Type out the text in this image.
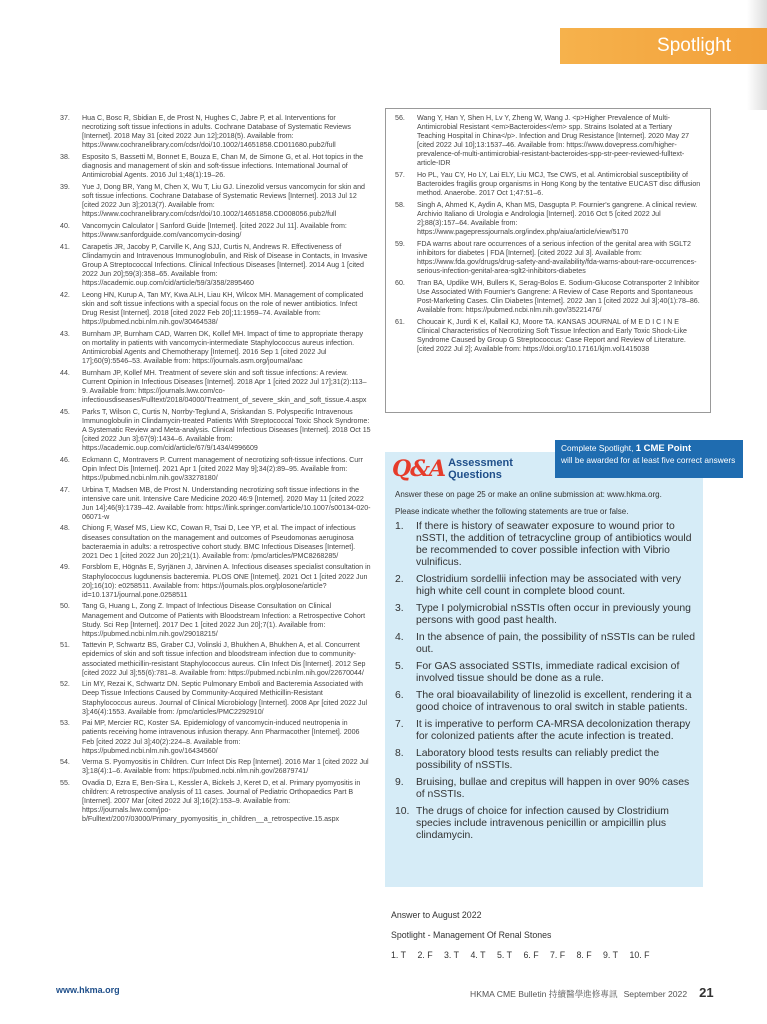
Spotlight
37.	Hua C, Bosc R, Sbidian E, de Prost N, Hughes C, Jabre P, et al. Interventions for necrotizing soft tissue infections in adults. Cochrane Database of Systematic Reviews [Internet]. 2018 May 31 [cited 2022 Jun 12];2018(5). Available from: https://www.cochranelibrary.com/cdsr/doi/10.1002/14651858.CD011680.pub2/full
38.	Esposito S, Bassetti M, Bonnet E, Bouza E, Chan M, de Simone G, et al. Hot topics in the diagnosis and management of skin and soft-tissue infections. International Journal of Antimicrobial Agents. 2016 Jul 1;48(1):19–26.
39.	Yue J, Dong BR, Yang M, Chen X, Wu T, Liu GJ. Linezolid versus vancomycin for skin and soft tissue infections. Cochrane Database of Systematic Reviews [Internet]. 2013 Jul 12 [cited 2022 Jun 3];2013(7). Available from: https://www.cochranelibrary.com/cdsr/doi/10.1002/14651858.CD008056.pub2/full
40.	Vancomycin Calculator | Sanford Guide [Internet]. [cited 2022 Jul 11]. Available from: https://www.sanfordguide.com/vancomycin-dosing/
41.	Carapetis JR, Jacoby P, Carville K, Ang SJJ, Curtis N, Andrews R. Effectiveness of Clindamycin and Intravenous Immunoglobulin, and Risk of Disease in Contacts, in Invasive Group A Streptococcal Infections. Clinical Infectious Diseases [Internet]. 2014 Aug 1 [cited 2022 Jun 20];59(3):358–65. Available from: https://academic.oup.com/cid/article/59/3/358/2895460
42.	Leong HN, Kurup A, Tan MY, Kwa ALH, Liau KH, Wilcox MH. Management of complicated skin and soft tissue infections with a special focus on the role of newer antibiotics. Infect Drug Resist [Internet]. 2018 [cited 2022 Feb 20];11:1959–74. Available from: https://pubmed.ncbi.nlm.nih.gov/30464538/
43.	Burnham JP, Burnham CAD, Warren DK, Kollef MH. Impact of time to appropriate therapy on mortality in patients with vancomycin-intermediate Staphylococcus aureus infection. Antimicrobial Agents and Chemotherapy [Internet]. 2016 Sep 1 [cited 2022 Jul 17];60(9):5546–53. Available from: https://journals.asm.org/journal/aac
44.	Burnham JP, Kollef MH. Treatment of severe skin and soft tissue infections: A review. Current Opinion in Infectious Diseases [Internet]. 2018 Apr 1 [cited 2022 Jul 17];31(2):113–9. Available from: https://journals.lww.com/co-infectiousdiseases/Fulltext/2018/04000/Treatment_of_severe_skin_and_soft_tissue.4.aspx
45.	Parks T, Wilson C, Curtis N, Norrby-Teglund A, Sriskandan S. Polyspecific Intravenous Immunoglobulin in Clindamycin-treated Patients With Streptococcal Toxic Shock Syndrome: A Systematic Review and Meta-analysis. Clinical Infectious Diseases [Internet]. 2018 Oct 15 [cited 2022 Jun 3];67(9):1434–6. Available from: https://academic.oup.com/cid/article/67/9/1434/4996609
46.	Eckmann C, Montravers P. Current management of necrotizing soft-tissue infections. Curr Opin Infect Dis [Internet]. 2021 Apr 1 [cited 2022 May 9];34(2):89–95. Available from: https://pubmed.ncbi.nlm.nih.gov/33278180/
47.	Urbina T, Madsen MB, de Prost N. Understanding necrotizing soft tissue infections in the intensive care unit. Intensive Care Medicine 2020 46:9 [Internet]. 2020 May 11 [cited 2022 Jun 14];46(9):1739–42. Available from: https://link.springer.com/article/10.1007/s00134-020-06071-w
48.	Chiong F, Wasef MS, Liew KC, Cowan R, Tsai D, Lee YP, et al. The impact of infectious diseases consultation on the management and outcomes of Pseudomonas aeruginosa bacteraemia in adults: a retrospective cohort study. BMC Infectious Diseases [Internet]. 2021 Dec 1 [cited 2022 Jun 20];21(1). Available from: /pmc/articles/PMC8268285/
49.	Forsblom E, Högnäs E, Syrjänen J, Järvinen A. Infectious diseases specialist consultation in Staphylococcus lugdunensis bacteremia. PLOS ONE [Internet]. 2021 Oct 1 [cited 2022 Jun 20];16(10): e0258511. Available from: https://journals.plos.org/plosone/article?id=10.1371/journal.pone.0258511
50.	Tang G, Huang L, Zong Z. Impact of Infectious Disease Consultation on Clinical Management and Outcome of Patients with Bloodstream Infection: a Retrospective Cohort Study. Sci Rep [Internet]. 2017 Dec 1 [cited 2022 Jun 20];7(1). Available from: https://pubmed.ncbi.nlm.nih.gov/29018215/
51.	Tattevin P, Schwartz BS, Graber CJ, Volinski J, Bhukhen A, Bhukhen A, et al. Concurrent epidemics of skin and soft tissue infection and bloodstream infection due to community-associated methicillin-resistant Staphylococcus aureus. Clin Infect Dis [Internet]. 2012 Sep [cited 2022 Jul 3];55(6):781–8. Available from: https://pubmed.ncbi.nlm.nih.gov/22670044/
52.	Lin MY, Rezai K, Schwartz DN. Septic Pulmonary Emboli and Bacteremia Associated with Deep Tissue Infections Caused by Community-Acquired Methicillin-Resistant Staphylococcus aureus. Journal of Clinical Microbiology [Internet]. 2008 Apr [cited 2022 Jul 3];46(4):1553. Available from: /pmc/articles/PMC2292910/
53.	Pai MP, Mercier RC, Koster SA. Epidemiology of vancomycin-induced neutropenia in patients receiving home intravenous infusion therapy. Ann Pharmacother [Internet]. 2006 Feb [cited 2022 Jul 3];40(2):224–8. Available from: https://pubmed.ncbi.nlm.nih.gov/16434560/
54.	Verma S. Pyomyositis in Children. Curr Infect Dis Rep [Internet]. 2016 Mar 1 [cited 2022 Jul 3];18(4):1–6. Available from: https://pubmed.ncbi.nlm.nih.gov/26879741/
55.	Ovadia D, Ezra E, Ben-Sira L, Kessler A, Bickels J, Keret D, et al. Primary pyomyositis in children: A retrospective analysis of 11 cases. Journal of Pediatric Orthopaedics Part B [Internet]. 2007 Mar [cited 2022 Jul 3];16(2):153–9. Available from: https://journals.lww.com/jpo-b/Fulltext/2007/03000/Primary_pyomyositis_in_children__a_retrospective.15.aspx
56.	Wang Y, Han Y, Shen H, Lv Y, Zheng W, Wang J. <p>Higher Prevalence of Multi-Antimicrobial Resistant <em>Bacteroides</em> spp. Strains Isolated at a Tertiary Teaching Hospital in China</p>. Infection and Drug Resistance [Internet]. 2020 May 27 [cited 2022 Jul 10];13:1537–46. Available from: https://www.dovepress.com/higher-prevalence-of-multi-antimicrobial-resistant-bacteroides-spp-str-peer-reviewed-fulltext-article-IDR
57.	Ho PL, Yau CY, Ho LY, Lai ELY, Liu MCJ, Tse CWS, et al. Antimicrobial susceptibility of Bacteroides fragilis group organisms in Hong Kong by the tentative EUCAST disc diffusion method. Anaerobe. 2017 Oct 1;47:51–6.
58.	Singh A, Ahmed K, Aydin A, Khan MS, Dasgupta P. Fournier's gangrene. A clinical review. Archivio Italiano di Urologia e Andrologia [Internet]. 2016 Oct 5 [cited 2022 Jul 2];88(3):157–64. Available from: https://www.pagepressjournals.org/index.php/aiua/article/view/5170
59.	FDA warns about rare occurrences of a serious infection of the genital area with SGLT2 inhibitors for diabetes | FDA [Internet]. [cited 2022 Jul 3]. Available from: https://www.fda.gov/drugs/drug-safety-and-availability/fda-warns-about-rare-occurrences-serious-infection-genital-area-sglt2-inhibitors-diabetes
60.	Tran BA, Updike WH, Bullers K, Serag-Bolos E. Sodium-Glucose Cotransporter 2 Inhibitor Use Associated With Fournier's Gangrene: A Review of Case Reports and Spontaneous Post-Marketing Cases. Clin Diabetes [Internet]. 2022 Jan 1 [cited 2022 Jul 3];40(1):78–86. Available from: https://pubmed.ncbi.nlm.nih.gov/35221476/
61.	Choucair K, Jurdi K el, Kallail KJ, Moore TA. KANSAS JOURNAL of M E D I C I N E Clinical Characteristics of Necrotizing Soft Tissue Infection and Early Toxic Shock-Like Syndrome Caused by Group G Streptococcus: Case Report and Review of Literature. [cited 2022 Jul 2]; Available from: https://doi.org/10.17161/kjm.vol1415038
Complete Spotlight, 1 CME Point
will be awarded for at least five correct answers
Q&A Assessment
Questions
Answer these on page 25 or make an online submission at: www.hkma.org.
Please indicate whether the following statements are true or false.
1.	If there is history of seawater exposure to wound prior to nSSTI, the addition of tetracycline group of antibiotics would be recommended to cover possible infection with Vibrio vulnificus.
2.	Clostridium sordellii infection may be associated with very high white cell count in complete blood count.
3.	Type I polymicrobial nSSTIs often occur in previously young persons with good past health.
4.	In the absence of pain, the possibility of nSSTIs can be ruled out.
5.	For GAS associated SSTIs, immediate radical excision of involved tissue should be done as a rule.
6.	The oral bioavailability of linezolid is excellent, rendering it a good choice of intravenous to oral switch in stable patients.
7.	It is imperative to perform CA-MRSA decolonization therapy for colonized patients after the acute infection is treated.
8.	Laboratory blood tests results can reliably predict the possibility of nSSTIs.
9.	Bruising, bullae and crepitus will happen in over 90% cases of nSSTIs.
10. The drugs of choice for infection caused by Clostridium species include intravenous penicillin or ampicillin plus clindamycin.
Answer to August 2022
Spotlight - Management Of Renal Stones
1. T	2. F	3. T	4. T	5. T	6. F	7. F	8. F	9. T	10. F
www.hkma.org	HKMA CME Bulletin 持續醫學進修專訊 September 2022 21
